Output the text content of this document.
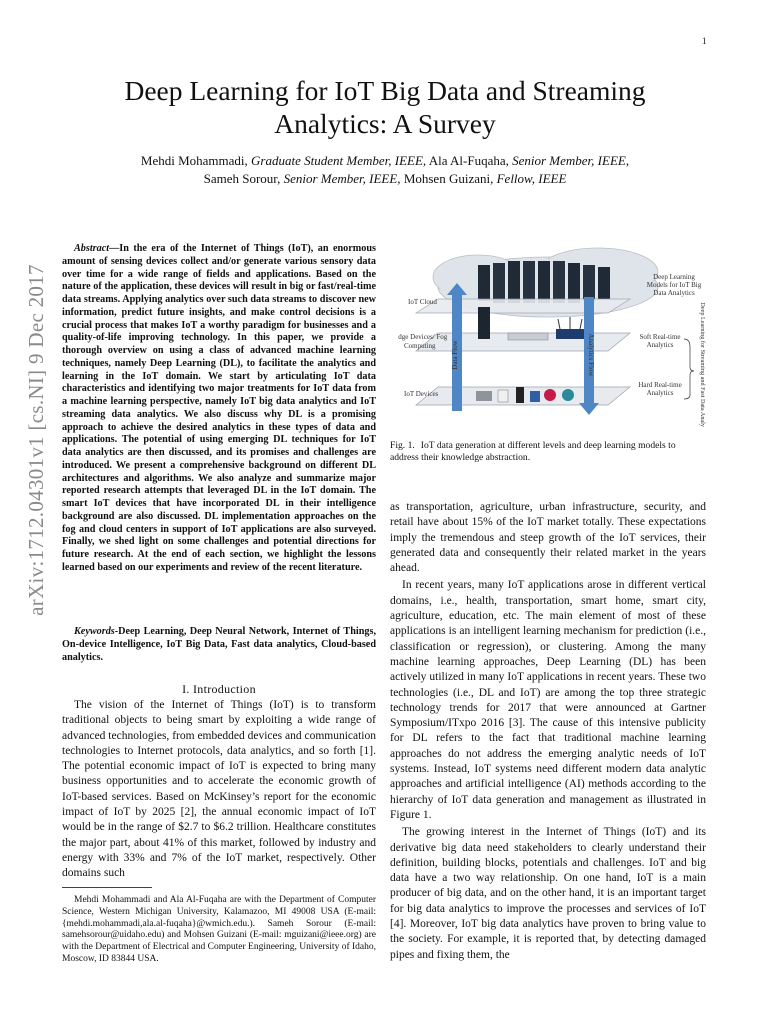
1
arXiv:1712.04301v1 [cs.NI] 9 Dec 2017
Deep Learning for IoT Big Data and Streaming Analytics: A Survey
Mehdi Mohammadi, Graduate Student Member, IEEE, Ala Al-Fuqaha, Senior Member, IEEE,
Sameh Sorour, Senior Member, IEEE, Mohsen Guizani, Fellow, IEEE
Abstract—In the era of the Internet of Things (IoT), an enormous amount of sensing devices collect and/or generate various sensory data over time for a wide range of fields and applications. Based on the nature of the application, these devices will result in big or fast/real-time data streams. Applying analytics over such data streams to discover new information, predict future insights, and make control decisions is a crucial process that makes IoT a worthy paradigm for businesses and a quality-of-life improving technology. In this paper, we provide a thorough overview on using a class of advanced machine learning techniques, namely Deep Learning (DL), to facilitate the analytics and learning in the IoT domain. We start by articulating IoT data characteristics and identifying two major treatments for IoT data from a machine learning perspective, namely IoT big data analytics and IoT streaming data analytics. We also discuss why DL is a promising approach to achieve the desired analytics in these types of data and applications. The potential of using emerging DL techniques for IoT data analytics are then discussed, and its promises and challenges are introduced. We present a comprehensive background on different DL architectures and algorithms. We also analyze and summarize major reported research attempts that leveraged DL in the IoT domain. The smart IoT devices that have incorporated DL in their intelligence background are also discussed. DL implementation approaches on the fog and cloud centers in support of IoT applications are also surveyed. Finally, we shed light on some challenges and potential directions for future research. At the end of each section, we highlight the lessons learned based on our experiments and review of the recent literature.
Keywords-Deep Learning, Deep Neural Network, Internet of Things, On-device Intelligence, IoT Big Data, Fast data analytics, Cloud-based analytics.
I. Introduction
The vision of the Internet of Things (IoT) is to transform traditional objects to being smart by exploiting a wide range of advanced technologies, from embedded devices and communication technologies to Internet protocols, data analytics, and so forth [1]. The potential economic impact of IoT is expected to bring many business opportunities and to accelerate the economic growth of IoT-based services. Based on McKinsey’s report for the economic impact of IoT by 2025 [2], the annual economic impact of IoT would be in the range of $2.7 to $6.2 trillion. Healthcare constitutes the major part, about 41% of this market, followed by industry and energy with 33% and 7% of the IoT market, respectively. Other domains such
Mehdi Mohammadi and Ala Al-Fuqaha are with the Department of Computer Science, Western Michigan University, Kalamazoo, MI 49008 USA (E-mail: {mehdi.mohammadi,ala.al-fuqaha}@wmich.edu.). Sameh Sorour (E-mail: samehsorour@uidaho.edu) and Mohsen Guizani (E-mail: mguizani@ieee.org) are with the Department of Electrical and Computer Engineering, University of Idaho, Moscow, ID 83844 USA.
Data Flow	Analytics Flow
IoT Cloud
Edge Devices/ Fog
Computing
IoT Devices
Deep Learning
Models for IoT Big
Data Analytics
Soft Real-time
Analytics
Hard Real-time
Analytics	Deep Learning for Streaming and Fast Data Analytics
Fig. 1. IoT data generation at different levels and deep learning models to address their knowledge abstraction.

as transportation, agriculture, urban infrastructure, security, and retail have about 15% of the IoT market totally. These expectations imply the tremendous and steep growth of the IoT services, their generated data and consequently their related market in the years ahead.

In recent years, many IoT applications arose in different vertical domains, i.e., health, transportation, smart home, smart city, agriculture, education, etc. The main element of most of these applications is an intelligent learning mechanism for prediction (i.e., classification or regression), or clustering. Among the many machine learning approaches, Deep Learning (DL) has been actively utilized in many IoT applications in recent years. These two technologies (i.e., DL and IoT) are among the top three strategic technology trends for 2017 that were announced at Gartner Symposium/ITxpo 2016 [3]. The cause of this intensive publicity for DL refers to the fact that traditional machine learning approaches do not address the emerging analytic needs of IoT systems. Instead, IoT systems need different modern data analytic approaches and artificial intelligence (AI) methods according to the hierarchy of IoT data generation and management as illustrated in Figure 1.

The growing interest in the Internet of Things (IoT) and its derivative big data need stakeholders to clearly understand their definition, building blocks, potentials and challenges. IoT and big data have a two way relationship. On one hand, IoT is a main producer of big data, and on the other hand, it is an important target for big data analytics to improve the processes and services of IoT [4]. Moreover, IoT big data analytics have proven to bring value to the society. For example, it is reported that, by detecting damaged pipes and fixing them, the
